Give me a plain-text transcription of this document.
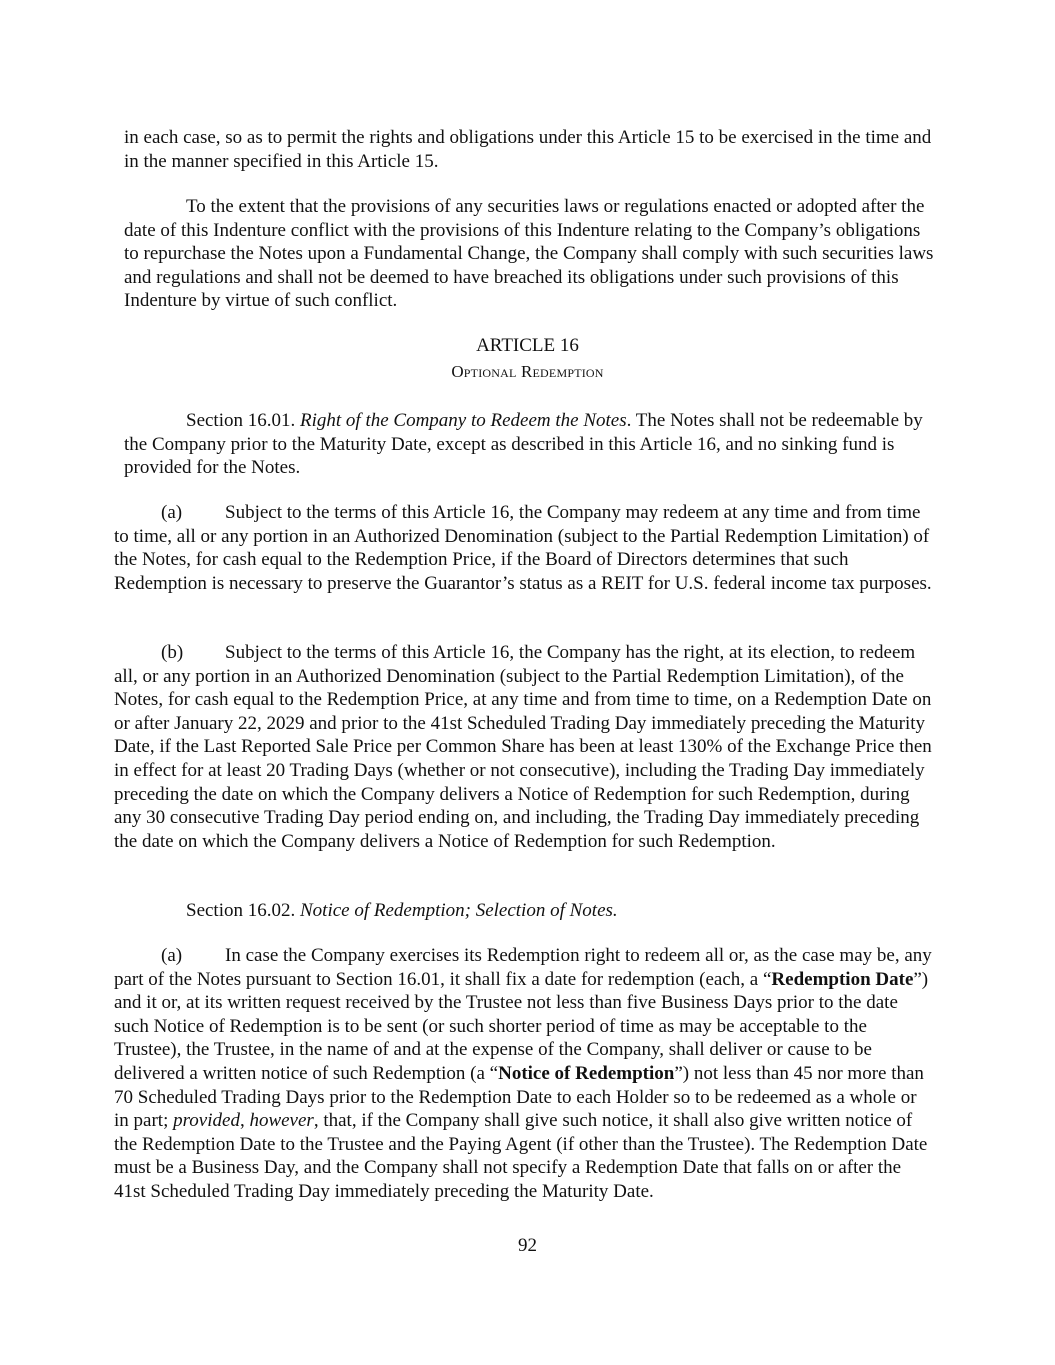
in each case, so as to permit the rights and obligations under this Article 15 to be exercised in the time and in the manner specified in this Article 15.

To the extent that the provisions of any securities laws or regulations enacted or adopted after the date of this Indenture conflict with the provisions of this Indenture relating to the Company’s obligations to repurchase the Notes upon a Fundamental Change, the Company shall comply with such securities laws and regulations and shall not be deemed to have breached its obligations under such provisions of this Indenture by virtue of such conflict.

ARTICLE 16

Optional Redemption

Section 16.01. Right of the Company to Redeem the Notes. The Notes shall not be redeemable by the Company prior to the Maturity Date, except as described in this Article 16, and no sinking fund is provided for the Notes.

(a) Subject to the terms of this Article 16, the Company may redeem at any time and from time to time, all or any portion in an Authorized Denomination (subject to the Partial Redemption Limitation) of the Notes, for cash equal to the Redemption Price, if the Board of Directors determines that such Redemption is necessary to preserve the Guarantor’s status as a REIT for U.S. federal income tax purposes.

(b) Subject to the terms of this Article 16, the Company has the right, at its election, to redeem all, or any portion in an Authorized Denomination (subject to the Partial Redemption Limitation), of the Notes, for cash equal to the Redemption Price, at any time and from time to time, on a Redemption Date on or after January 22, 2029 and prior to the 41st Scheduled Trading Day immediately preceding the Maturity Date, if the Last Reported Sale Price per Common Share has been at least 130% of the Exchange Price then in effect for at least 20 Trading Days (whether or not consecutive), including the Trading Day immediately preceding the date on which the Company delivers a Notice of Redemption for such Redemption, during any 30 consecutive Trading Day period ending on, and including, the Trading Day immediately preceding the date on which the Company delivers a Notice of Redemption for such Redemption.

Section 16.02. Notice of Redemption; Selection of Notes.

(a) In case the Company exercises its Redemption right to redeem all or, as the case may be, any part of the Notes pursuant to Section 16.01, it shall fix a date for redemption (each, a “Redemption Date”) and it or, at its written request received by the Trustee not less than five Business Days prior to the date such Notice of Redemption is to be sent (or such shorter period of time as may be acceptable to the Trustee), the Trustee, in the name of and at the expense of the Company, shall deliver or cause to be delivered a written notice of such Redemption (a “Notice of Redemption”) not less than 45 nor more than 70 Scheduled Trading Days prior to the Redemption Date to each Holder so to be redeemed as a whole or in part; provided, however, that, if the Company shall give such notice, it shall also give written notice of the Redemption Date to the Trustee and the Paying Agent (if other than the Trustee). The Redemption Date must be a Business Day, and the Company shall not specify a Redemption Date that falls on or after the 41st Scheduled Trading Day immediately preceding the Maturity Date.

92
